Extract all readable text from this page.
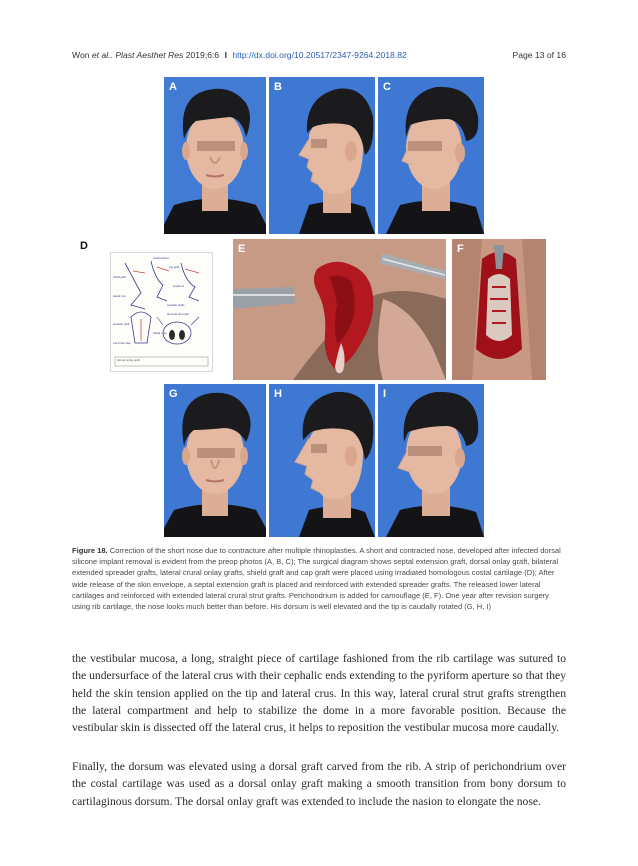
Won et al.. Plast Aesthet Res 2019;6:6 I http://dx.doi.org/10.20517/2347-9264.2018.82	Page 13 of 16
A	B	C
D
perichondrium
cap graft
shield graft
septal ext
lateral crus
spreader grafts
lat crural strut graft
spreader graft
Shield / cap
Lat crural onlay
dorsal onlay graft
E	F
G	H	I
Figure 18. Correction of the short nose due to contracture after multiple rhinoplasties. A short and contracted nose, developed after infected dorsal silicone implant removal is evident from the preop photos (A, B, C); The surgical diagram shows septal extension graft, dorsal onlay graft, bilateral extended spreader grafts, lateral crural onlay grafts, shield graft and cap graft were placed using irradiated homologous costal cartilage (D); After wide release of the skin envelope, a septal extension graft is placed and reinforced with extended spreader grafts. The released lower lateral cartilages and reinforced with extended lateral crural strut grafts. Perichondrium is added for camouflage (E, F). One year after revision surgery using rib cartilage, the nose looks much better than before. His dorsum is well elevated and the tip is caudally rotated (G, H, I)
the vestibular mucosa, a long, straight piece of cartilage fashioned from the rib cartilage was sutured to the undersurface of the lateral crus with their cephalic ends extending to the pyriform aperture so that they held the skin tension applied on the tip and lateral crus. In this way, lateral crural strut grafts strengthen the lateral compartment and help to stabilize the dome in a more favorable position. Because the vestibular skin is dissected off the lateral crus, it helps to reposition the vestibular mucosa more caudally.
Finally, the dorsum was elevated using a dorsal graft carved from the rib. A strip of perichondrium over the costal cartilage was used as a dorsal onlay graft making a smooth transition from bony dorsum to cartilaginous dorsum. The dorsal onlay graft was extended to include the nasion to elongate the nose.
